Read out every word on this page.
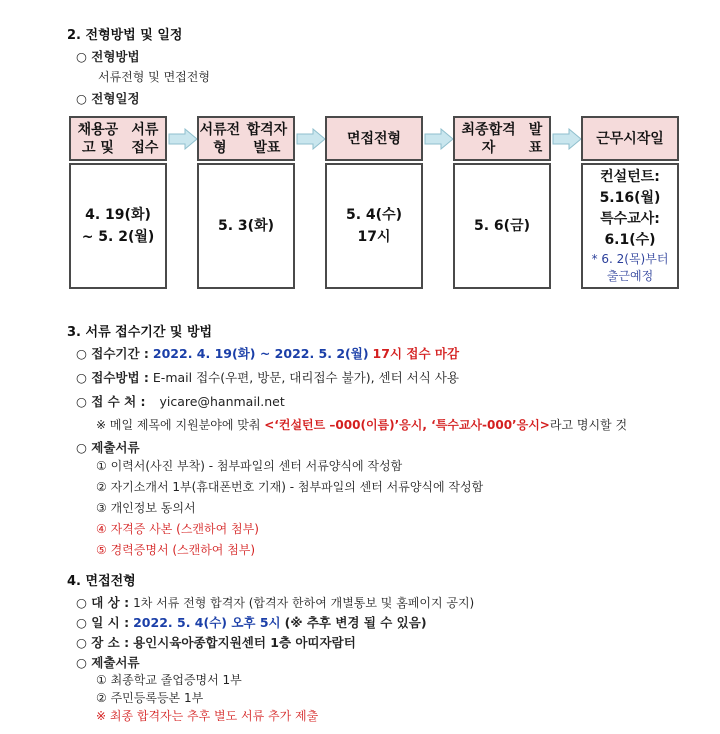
2. 전형방법 및 일정
○ 전형방법
서류전형 및 면접전형
○ 전형일정
채용공고 및

서류접수
4. 19(화)
~ 5. 2(월)
서류전형

합격자발표
5. 3(화)
면접전형
5. 4(수)
17시
최종합격자

발표
5. 6(금)
근무시작일
컨설턴트:
5.16(월)
특수교사:
6.1(수)
* 6. 2(목)부터
출근예정
3. 서류 접수기간 및 방법
○ 접수기간 : 2022. 4. 19(화) ~ 2022. 5. 2(월) 17시 접수 마감
○ 접수방법 : E-mail 접수(우편, 방문, 대리접수 불가), 센터 서식 사용
○ 접 수 처 : yicare@hanmail.net
※ 메일 제목에 지원분야에 맞춰 <‘컨설턴트 –000(이름)’응시, ‘특수교사-000’응시>라고 명시할 것
○ 제출서류
① 이력서(사진 부착) - 첨부파일의 센터 서류양식에 작성함
② 자기소개서 1부(휴대폰번호 기재) - 첨부파일의 센터 서류양식에 작성함
③ 개인정보 동의서
④ 자격증 사본 (스캔하여 첨부)
⑤ 경력증명서 (스캔하여 첨부)
4. 면접전형
○ 대 상 : 1차 서류 전형 합격자 (합격자 한하여 개별통보 및 홈페이지 공지)
○ 일 시 : 2022. 5. 4(수) 오후 5시 (※ 추후 변경 될 수 있음)
○ 장 소 : 용인시육아종합지원센터 1층 아띠자람터
○ 제출서류
① 최종학교 졸업증명서 1부
② 주민등록등본 1부
※ 최종 합격자는 추후 별도 서류 추가 제출
